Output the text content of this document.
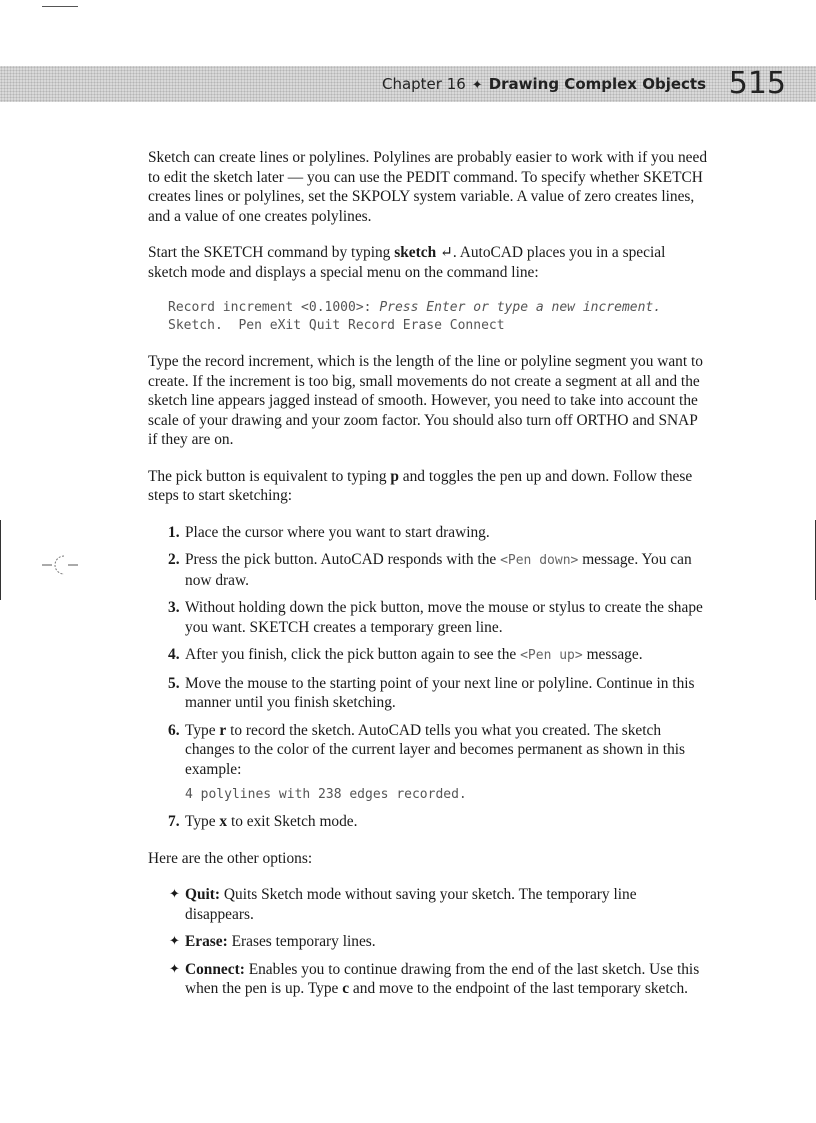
Chapter 16 ✦ Drawing Complex Objects 515

Sketch can create lines or polylines. Polylines are probably easier to work with if you need to edit the sketch later — you can use the PEDIT command. To specify whether SKETCH creates lines or polylines, set the SKPOLY system variable. A value of zero creates lines, and a value of one creates polylines.

Start the SKETCH command by typing sketch ↵. AutoCAD places you in a special sketch mode and displays a special menu on the command line:

Record increment <0.1000>: Press Enter or type a new increment.
Sketch.  Pen eXit Quit Record Erase Connect

Type the record increment, which is the length of the line or polyline segment you want to create. If the increment is too big, small movements do not create a segment at all and the sketch line appears jagged instead of smooth. However, you need to take into account the scale of your drawing and your zoom factor. You should also turn off ORTHO and SNAP if they are on.

The pick button is equivalent to typing p and toggles the pen up and down. Follow these steps to start sketching:

1. Place the cursor where you want to start drawing.
2. Press the pick button. AutoCAD responds with the <Pen down> message. You can now draw.
3. Without holding down the pick button, move the mouse or stylus to create the shape you want. SKETCH creates a temporary green line.
4. After you finish, click the pick button again to see the <Pen up> message.
5. Move the mouse to the starting point of your next line or polyline. Continue in this manner until you finish sketching.
6. Type r to record the sketch. AutoCAD tells you what you created. The sketch changes to the color of the current layer and becomes permanent as shown in this example:
4 polylines with 238 edges recorded.
7. Type x to exit Sketch mode.

Here are the other options:

✦ Quit: Quits Sketch mode without saving your sketch. The temporary line disappears.
✦ Erase: Erases temporary lines.
✦ Connect: Enables you to continue drawing from the end of the last sketch. Use this when the pen is up. Type c and move to the endpoint of the last temporary sketch.
